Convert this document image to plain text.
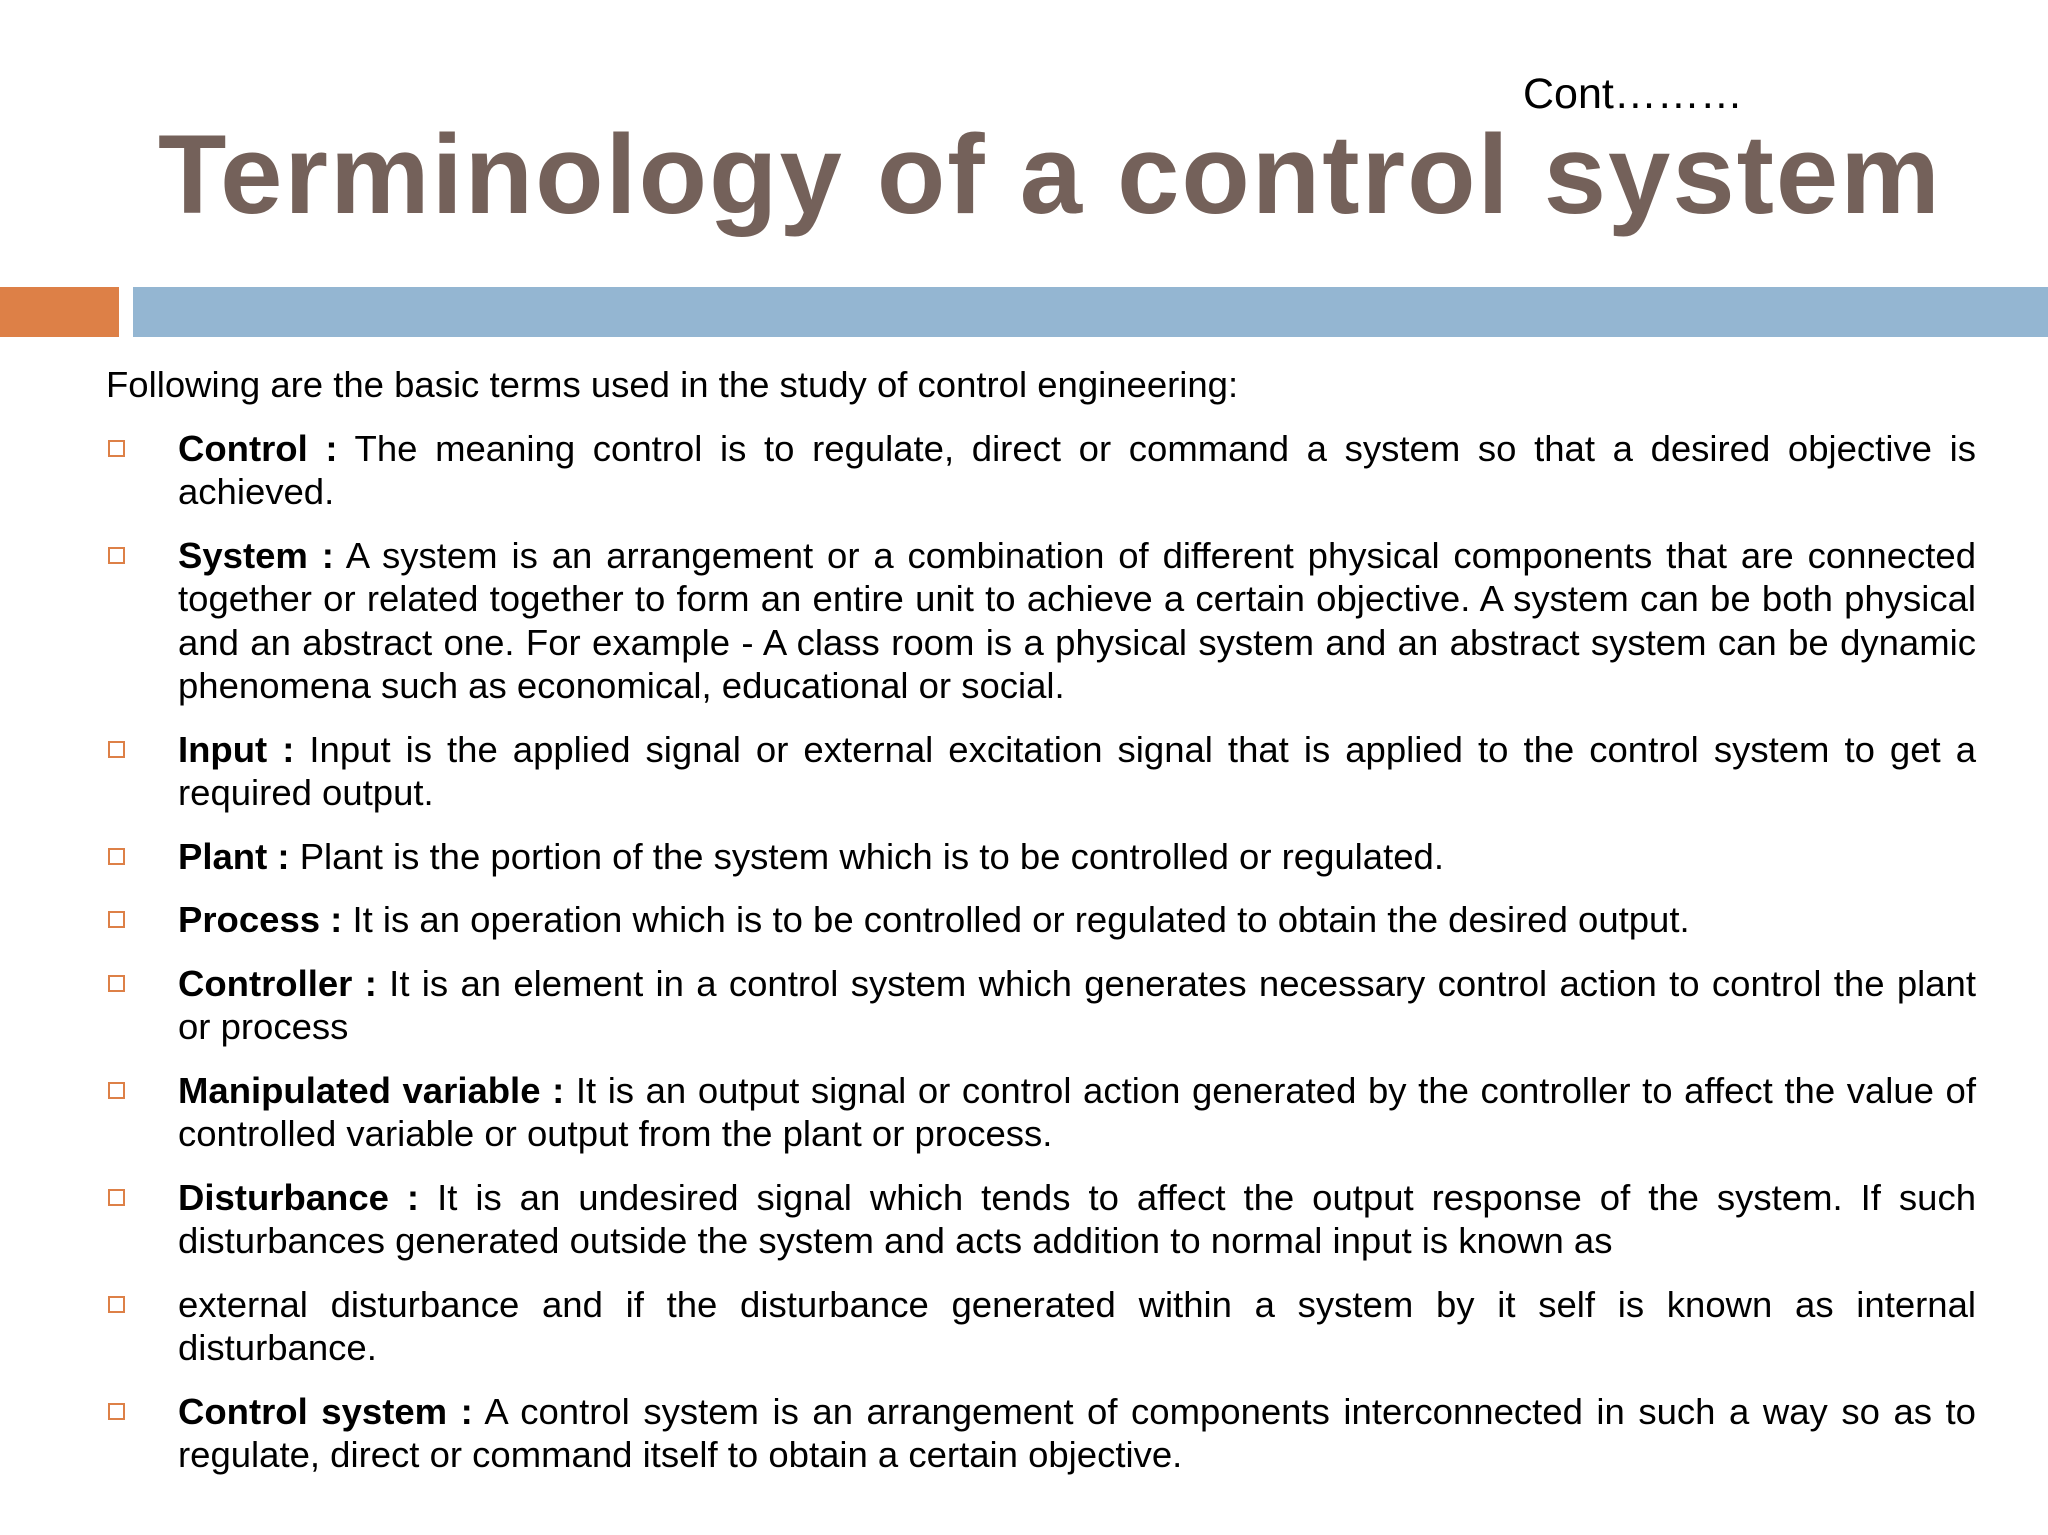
Cont………
Terminology of a control system

Following are the basic terms used in the study of control engineering:

Control : The meaning control is to regulate, direct or command a system so that a desired objective is achieved.
System : A system is an arrangement or a combination of different physical components that are connected together or related together to form an entire unit to achieve a certain objective. A system can be both physical and an abstract one. For example - A class room is a physical system and an abstract system can be dynamic phenomena such as economical, educational or social.
Input : Input is the applied signal or external excitation signal that is applied to the control system to get a required output.
Plant : Plant is the portion of the system which is to be controlled or regulated.
Process : It is an operation which is to be controlled or regulated to obtain the desired output.
Controller : It is an element in a control system which generates necessary control action to control the plant or process
Manipulated variable : It is an output signal or control action generated by the controller to affect the value of controlled variable or output from the plant or process.
Disturbance : It is an undesired signal which tends to affect the output response of the system. If such disturbances generated outside the system and acts addition to normal input is known as
external disturbance and if the disturbance generated within a system by it self is known as internal disturbance.
Control system : A control system is an arrangement of components interconnected in such a way so as to regulate, direct or command itself to obtain a certain objective.
